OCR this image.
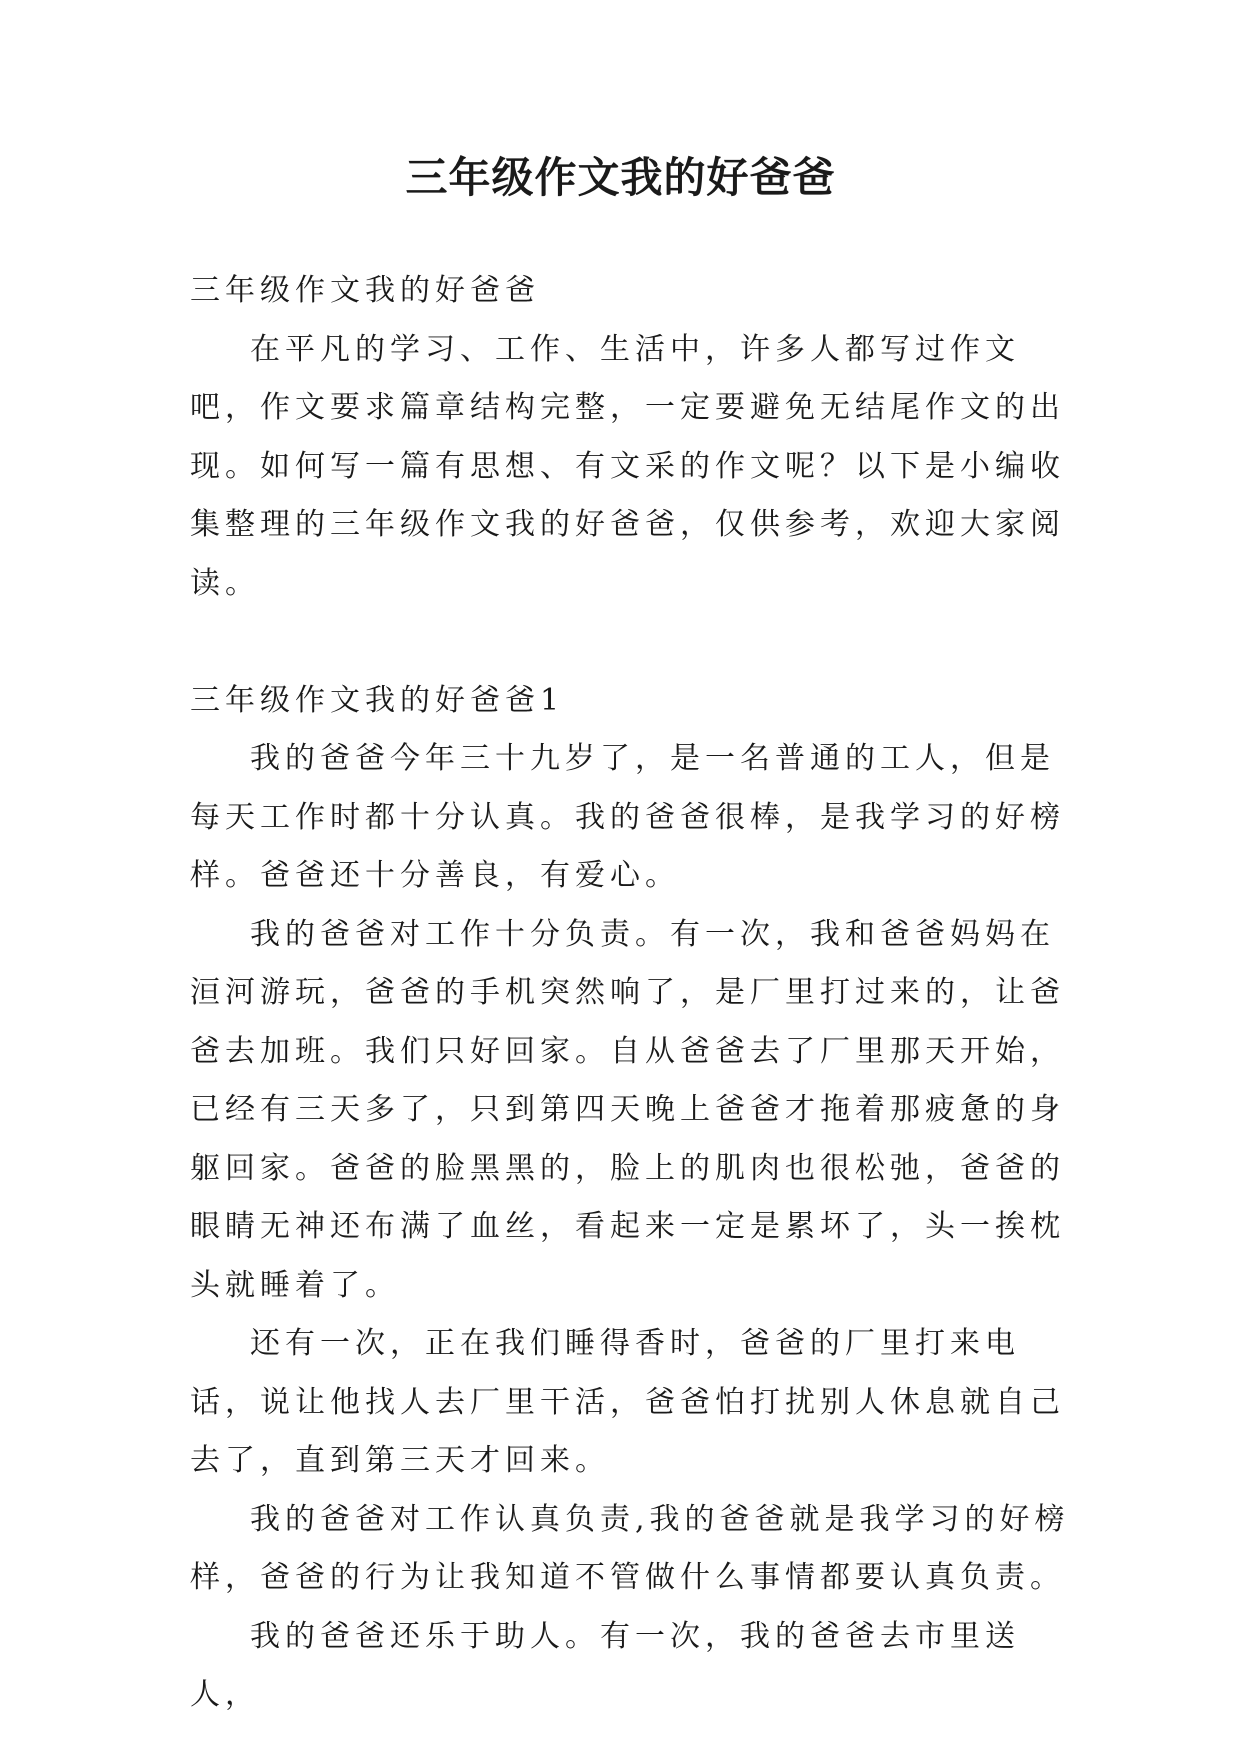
三年级作文我的好爸爸

三年级作文我的好爸爸

在平凡的学习、工作、生活中，许多人都写过作文吧，作文要求篇章结构完整，一定要避免无结尾作文的出现。如何写一篇有思想、有文采的作文呢？以下是小编收集整理的三年级作文我的好爸爸，仅供参考，欢迎大家阅读。

三年级作文我的好爸爸1

我的爸爸今年三十九岁了，是一名普通的工人，但是每天工作时都十分认真。我的爸爸很棒，是我学习的好榜样。爸爸还十分善良，有爱心。

我的爸爸对工作十分负责。有一次，我和爸爸妈妈在洹河游玩，爸爸的手机突然响了，是厂里打过来的，让爸爸去加班。我们只好回家。自从爸爸去了厂里那天开始，已经有三天多了，只到第四天晚上爸爸才拖着那疲惫的身躯回家。爸爸的脸黑黑的，脸上的肌肉也很松弛，爸爸的眼睛无神还布满了血丝，看起来一定是累坏了，头一挨枕头就睡着了。

还有一次，正在我们睡得香时，爸爸的厂里打来电话，说让他找人去厂里干活，爸爸怕打扰别人休息就自己去了，直到第三天才回来。

我的爸爸对工作认真负责,我的爸爸就是我学习的好榜样，爸爸的行为让我知道不管做什么事情都要认真负责。

我的爸爸还乐于助人。有一次，我的爸爸去市里送人，
